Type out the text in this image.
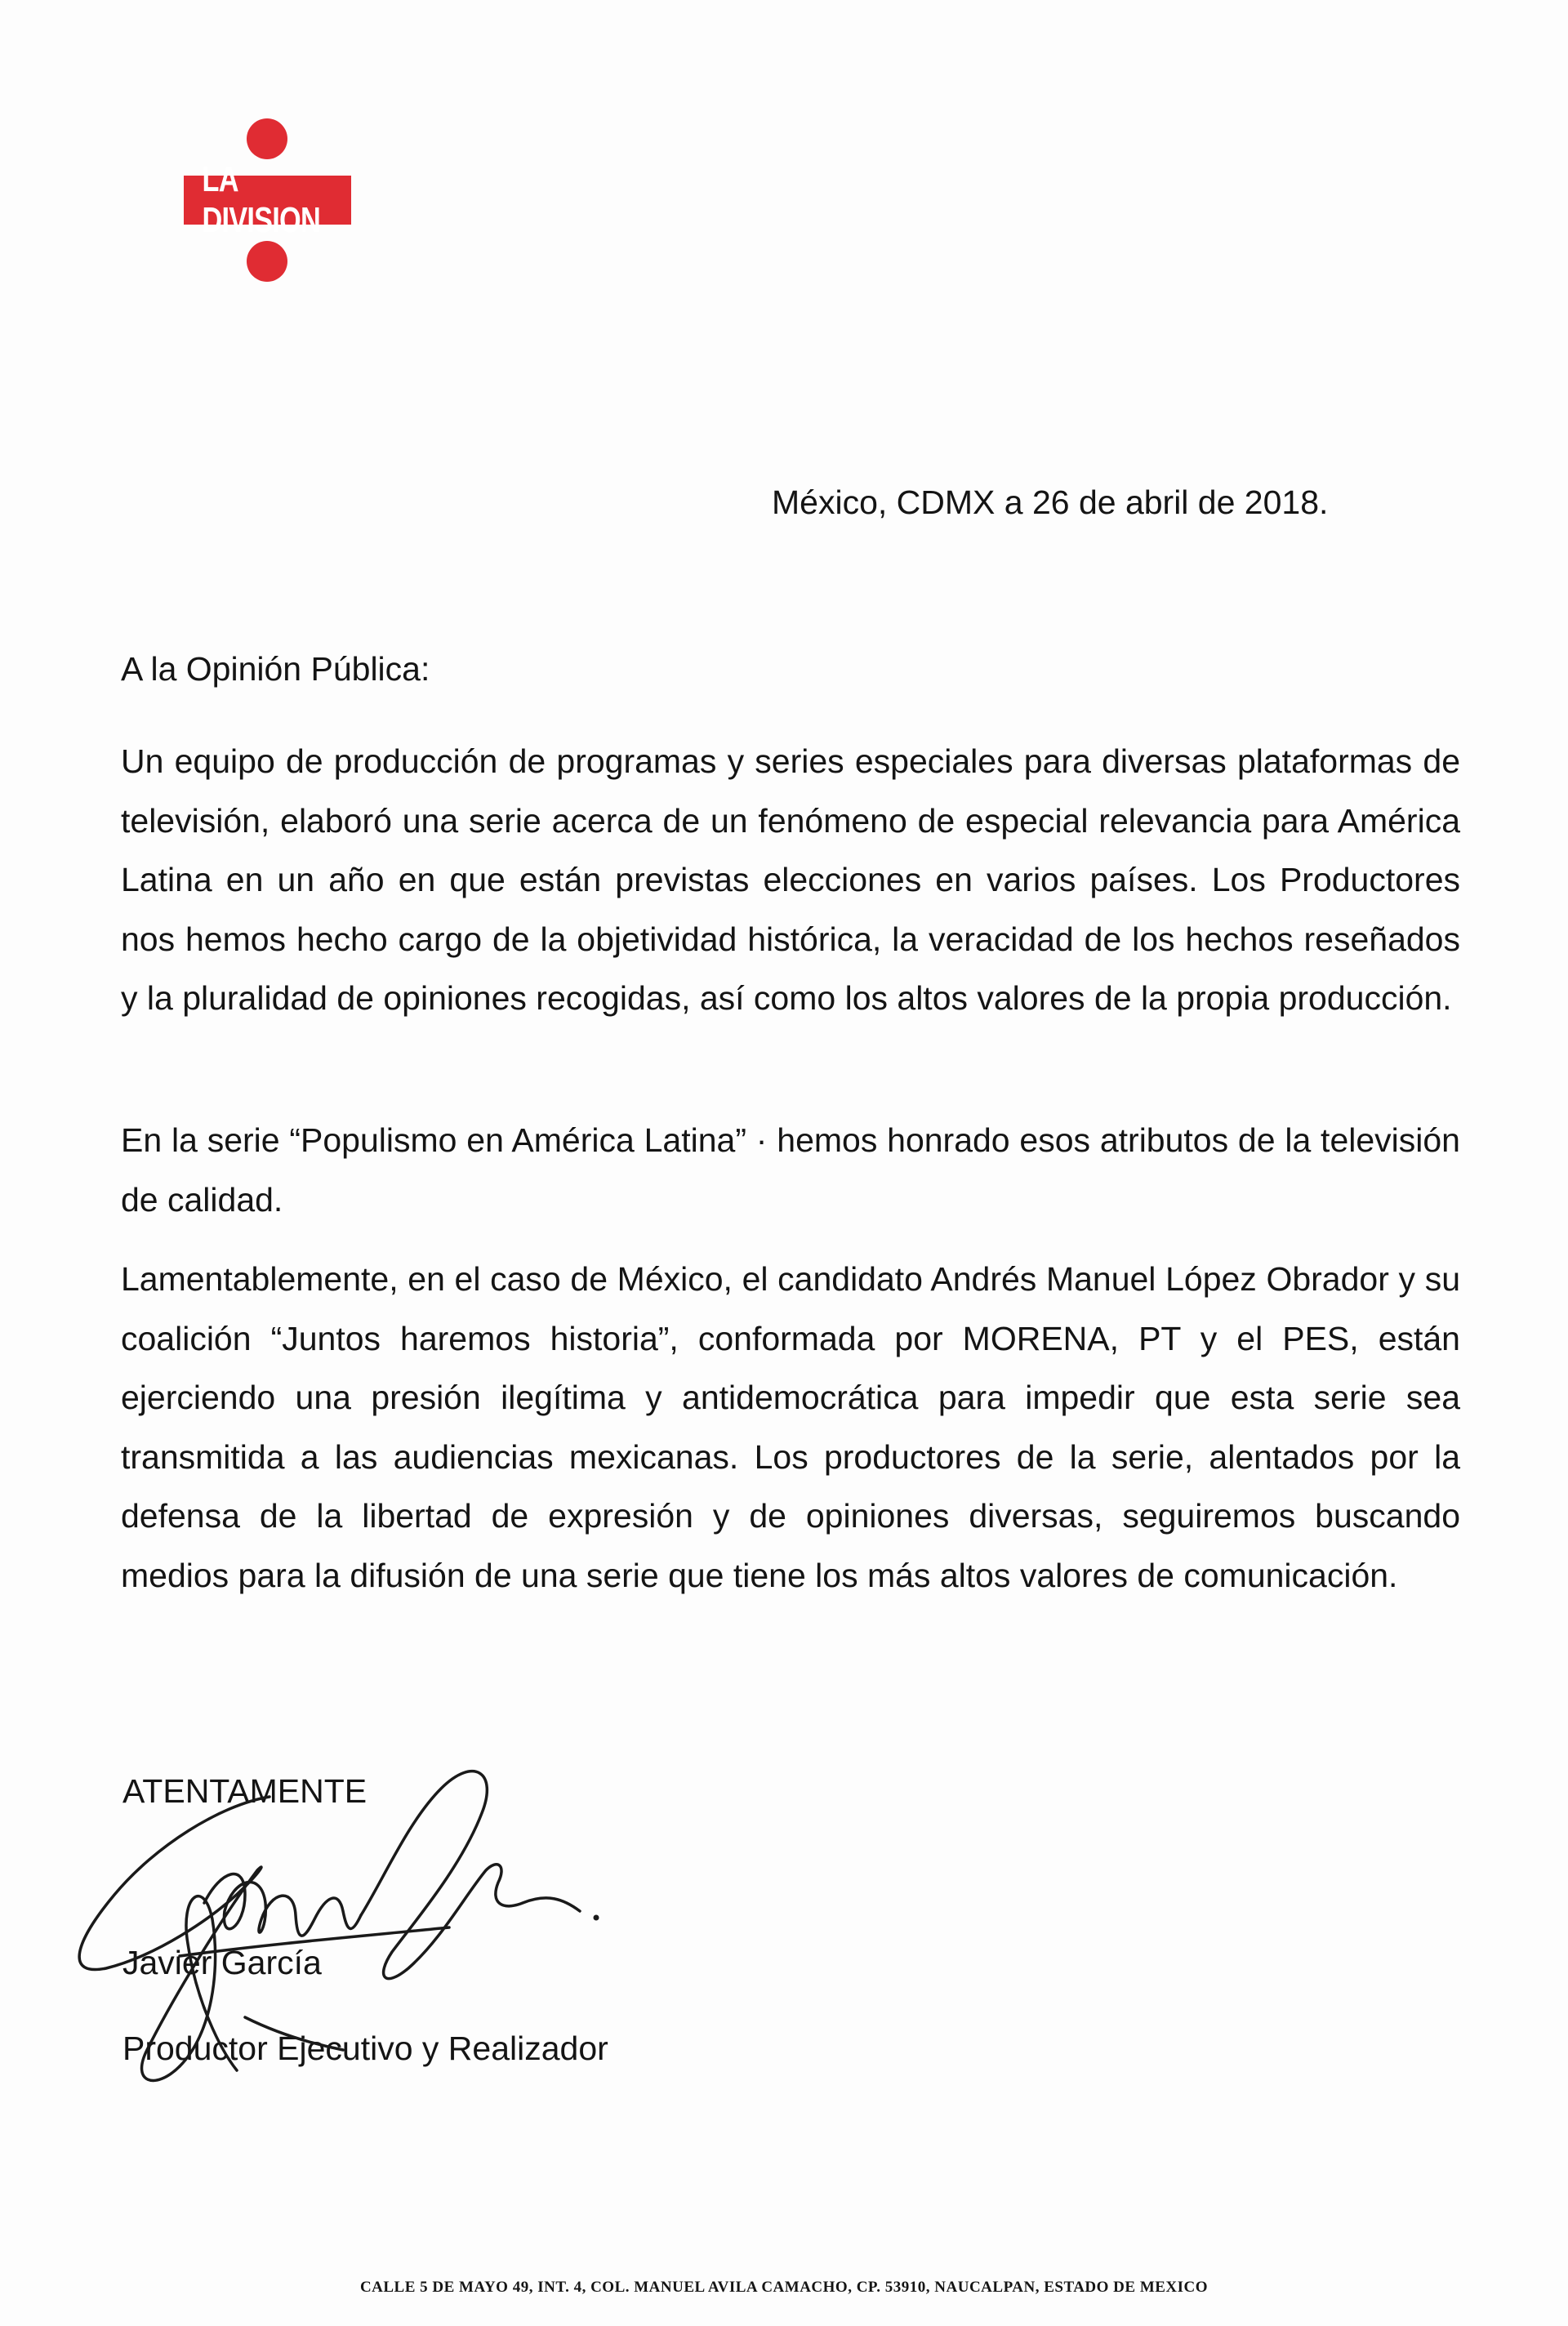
LA DIVISION
México, CDMX a 26 de abril de 2018.
A la Opinión Pública:

Un equipo de producción de programas y series especiales para diversas plataformas de televisión, elaboró una serie acerca de un fenómeno de especial relevancia para América Latina en un año en que están previstas elecciones en varios países. Los Productores nos hemos hecho cargo de la objetividad histórica, la veracidad de los hechos reseñados y la pluralidad de opiniones recogidas, así como los altos valores de la propia producción.

En la serie “Populismo en América Latina” · hemos honrado esos atributos de la televisión de calidad.

Lamentablemente, en el caso de México, el candidato Andrés Manuel López Obrador y su coalición “Juntos haremos historia”, conformada por MORENA, PT y el PES, están ejerciendo una presión ilegítima y antidemocrática para impedir que esta serie sea transmitida a las audiencias mexicanas. Los productores de la serie, alentados por la defensa de la libertad de expresión y de opiniones diversas, seguiremos buscando medios para la difusión de una serie que tiene los más altos valores de comunicación.

ATENTAMENTE
Javier García
Productor Ejecutivo y Realizador
CALLE 5 DE MAYO 49, INT. 4, COL. MANUEL AVILA CAMACHO, CP. 53910, NAUCALPAN, ESTADO DE MEXICO
